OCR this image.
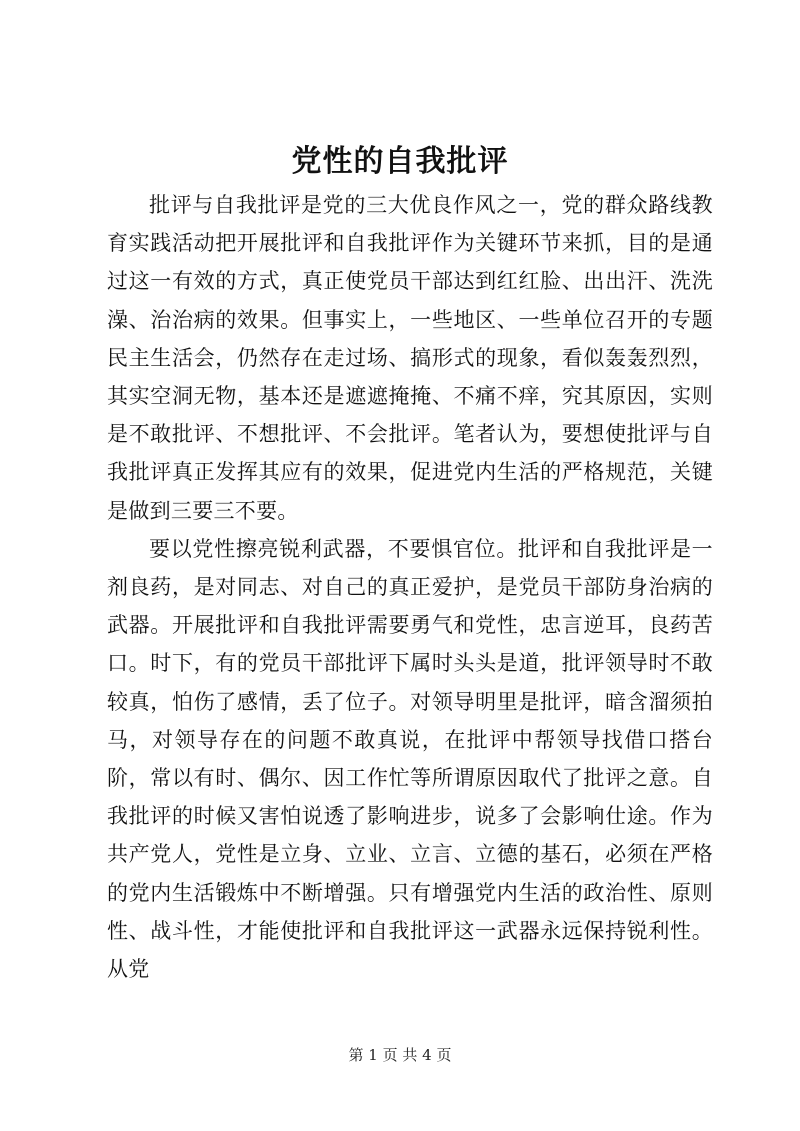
党性的自我批评

批评与自我批评是党的三大优良作风之一，党的群众路线教育实践活动把开展批评和自我批评作为关键环节来抓，目的是通过这一有效的方式，真正使党员干部达到红红脸、出出汗、洗洗澡、治治病的效果。但事实上，一些地区、一些单位召开的专题民主生活会，仍然存在走过场、搞形式的现象，看似轰轰烈烈，其实空洞无物，基本还是遮遮掩掩、不痛不痒，究其原因，实则是不敢批评、不想批评、不会批评。笔者认为，要想使批评与自我批评真正发挥其应有的效果，促进党内生活的严格规范，关键是做到三要三不要。

要以党性擦亮锐利武器，不要惧官位。批评和自我批评是一剂良药，是对同志、对自己的真正爱护，是党员干部防身治病的武器。开展批评和自我批评需要勇气和党性，忠言逆耳，良药苦口。时下，有的党员干部批评下属时头头是道，批评领导时不敢较真，怕伤了感情，丢了位子。对领导明里是批评，暗含溜须拍马，对领导存在的问题不敢真说，在批评中帮领导找借口搭台阶，常以有时、偶尔、因工作忙等所谓原因取代了批评之意。自我批评的时候又害怕说透了影响进步，说多了会影响仕途。作为共产党人，党性是立身、立业、立言、立德的基石，必须在严格的党内生活锻炼中不断增强。只有增强党内生活的政治性、原则性、战斗性，才能使批评和自我批评这一武器永远保持锐利性。从党

第 1 页 共 4 页
